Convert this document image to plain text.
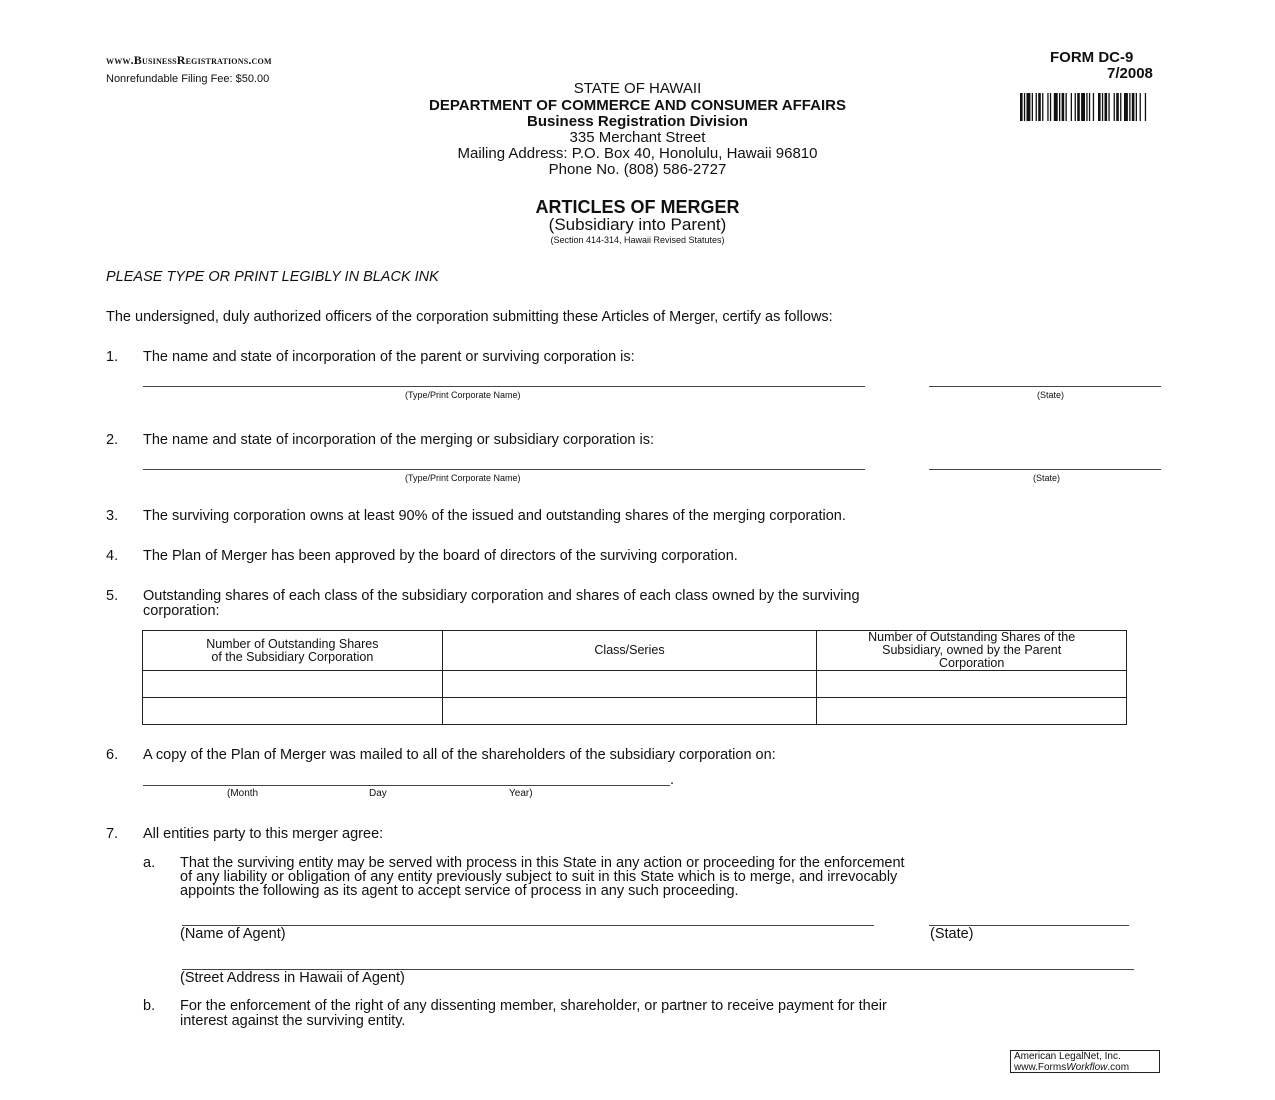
www.BusinessRegistrations.com
Nonrefundable Filing Fee: $50.00
FORM DC-9
7/2008
STATE OF HAWAII
DEPARTMENT OF COMMERCE AND CONSUMER AFFAIRS
Business Registration Division
335 Merchant Street
Mailing Address: P.O. Box 40, Honolulu, Hawaii 96810
Phone No. (808) 586-2727
ARTICLES OF MERGER
(Subsidiary into Parent)
(Section 414-314, Hawaii Revised Statutes)
PLEASE TYPE OR PRINT LEGIBLY IN BLACK INK
The undersigned, duly authorized officers of the corporation submitting these Articles of Merger, certify as follows:
1. The name and state of incorporation of the parent or surviving corporation is:
(Type/Print Corporate Name)	(State)
2. The name and state of incorporation of the merging or subsidiary corporation is:
(Type/Print Corporate Name)	(State)
3. The surviving corporation owns at least 90% of the issued and outstanding shares of the merging corporation.
4. The Plan of Merger has been approved by the board of directors of the surviving corporation.
5. Outstanding shares of each class of the subsidiary corporation and shares of each class owned by the surviving
corporation:
Number of Outstanding Shares
of the Subsidiary Corporation	Class/Series	Number of Outstanding Shares of the
Subsidiary, owned by the Parent
Corporation

6. A copy of the Plan of Merger was mailed to all of the shareholders of the subsidiary corporation on:
.
(Month	Day	Year)
7. All entities party to this merger agree:
a. That the surviving entity may be served with process in this State in any action or proceeding for the enforcement
of any liability or obligation of any entity previously subject to suit in this State which is to merge, and irrevocably
appoints the following as its agent to accept service of process in any such proceeding.
(Name of Agent)	(State)
(Street Address in Hawaii of Agent)
b. For the enforcement of the right of any dissenting member, shareholder, or partner to receive payment for their
interest against the surviving entity.
American LegalNet, Inc.
www.FormsWorkflow.com
